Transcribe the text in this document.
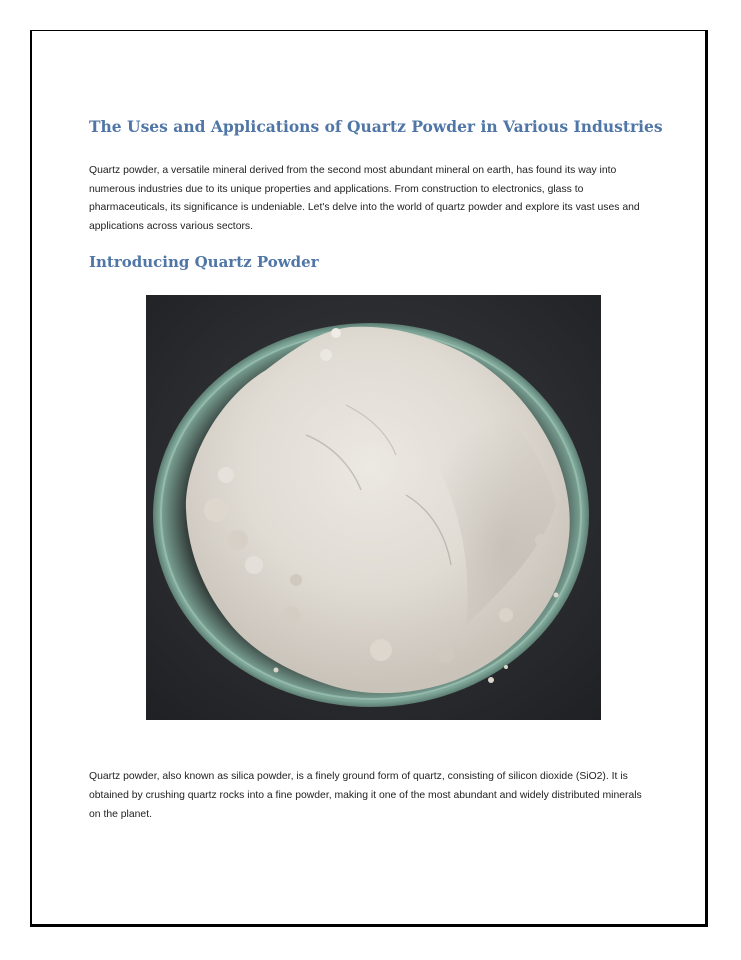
The Uses and Applications of Quartz Powder in Various Industries

Quartz powder, a versatile mineral derived from the second most abundant mineral on earth, has found its way into numerous industries due to its unique properties and applications. From construction to electronics, glass to pharmaceuticals, its significance is undeniable. Let's delve into the world of quartz powder and explore its vast uses and applications across various sectors.

Introducing Quartz Powder

Quartz powder, also known as silica powder, is a finely ground form of quartz, consisting of silicon dioxide (SiO2). It is obtained by crushing quartz rocks into a fine powder, making it one of the most abundant and widely distributed minerals on the planet.
